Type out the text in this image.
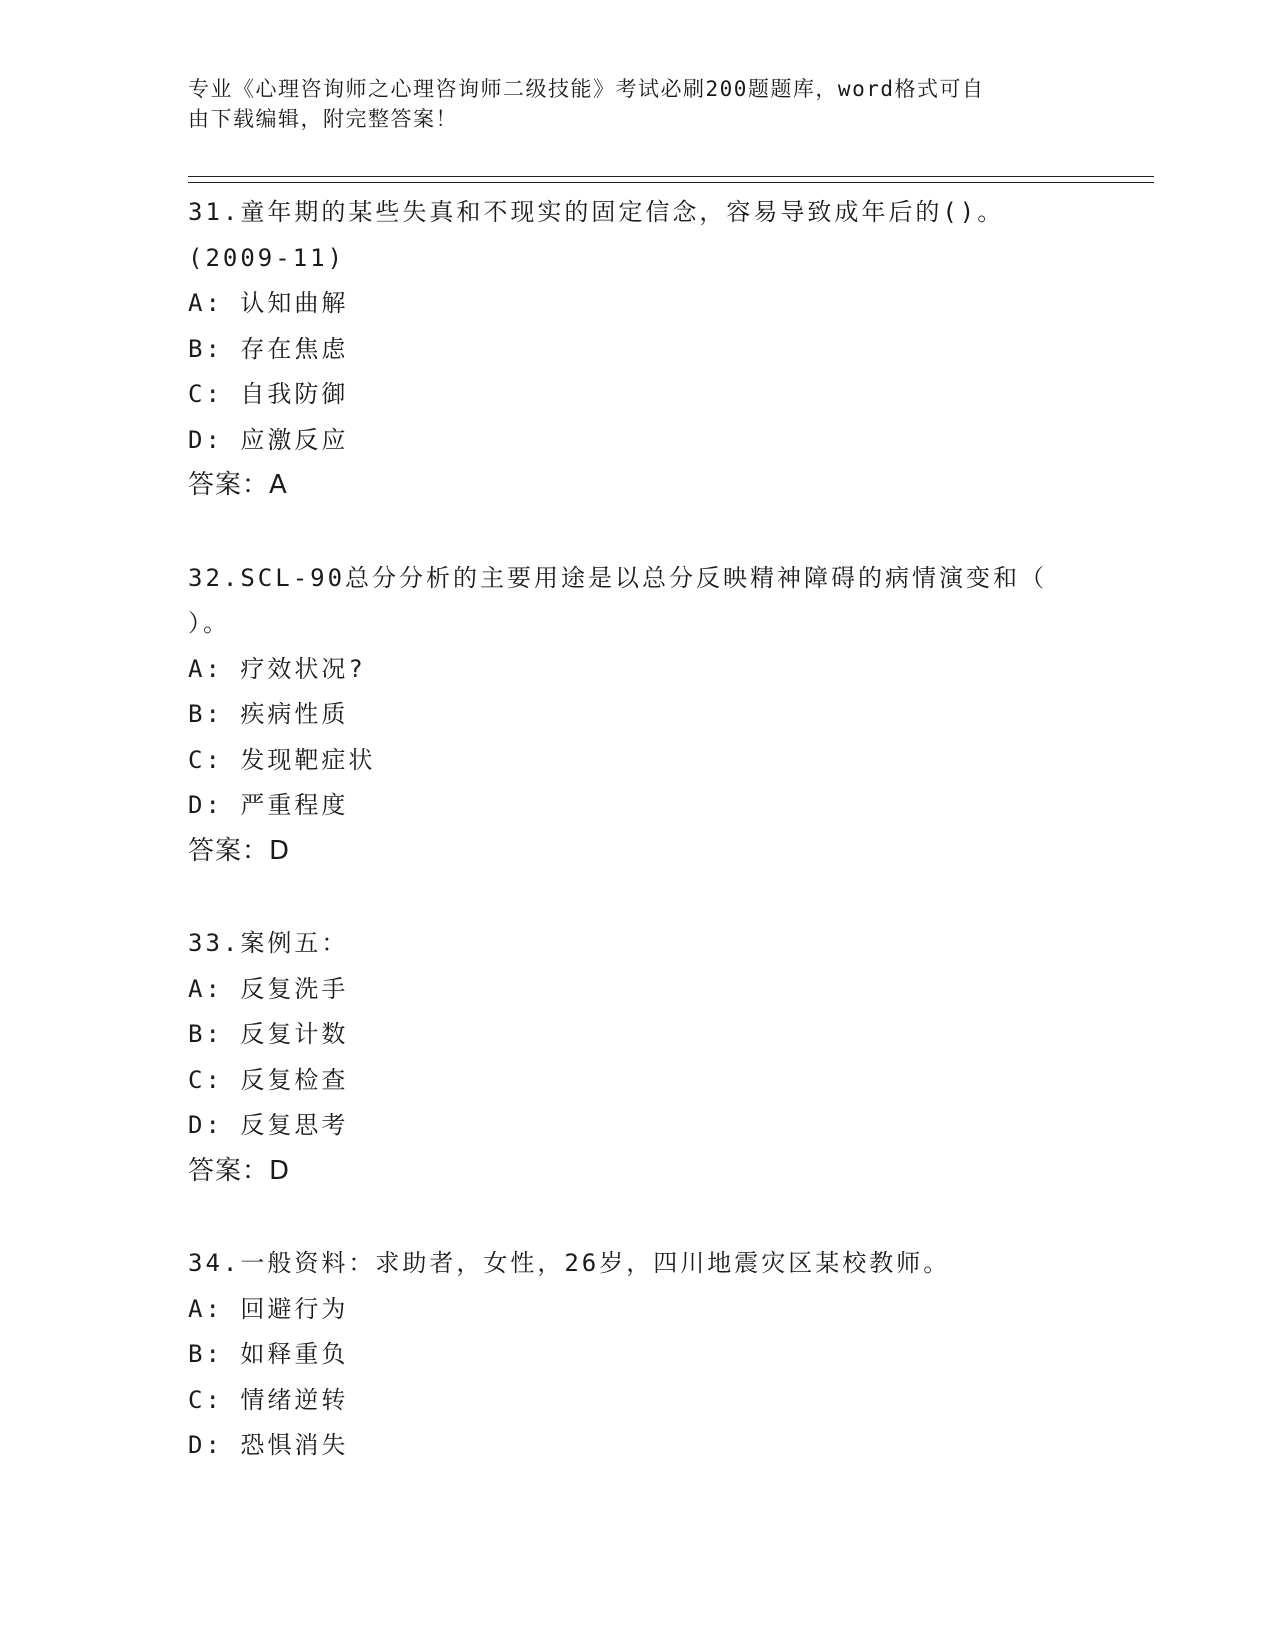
专业《心理咨询师之心理咨询师二级技能》考试必刷200题题库，word格式可自
由下载编辑，附完整答案！
31.童年期的某些失真和不现实的固定信念，容易导致成年后的()。
(2009-11)
A: 认知曲解
B: 存在焦虑
C: 自我防御
D: 应激反应
答案：A
32.SCL-90总分分析的主要用途是以总分反映精神障碍的病情演变和（
）。
A: 疗效状况?
B: 疾病性质
C: 发现靶症状
D: 严重程度
答案：D
33.案例五：
A: 反复洗手
B: 反复计数
C: 反复检查
D: 反复思考
答案：D
34.一般资料：求助者，女性，26岁，四川地震灾区某校教师。
A: 回避行为
B: 如释重负
C: 情绪逆转
D: 恐惧消失
